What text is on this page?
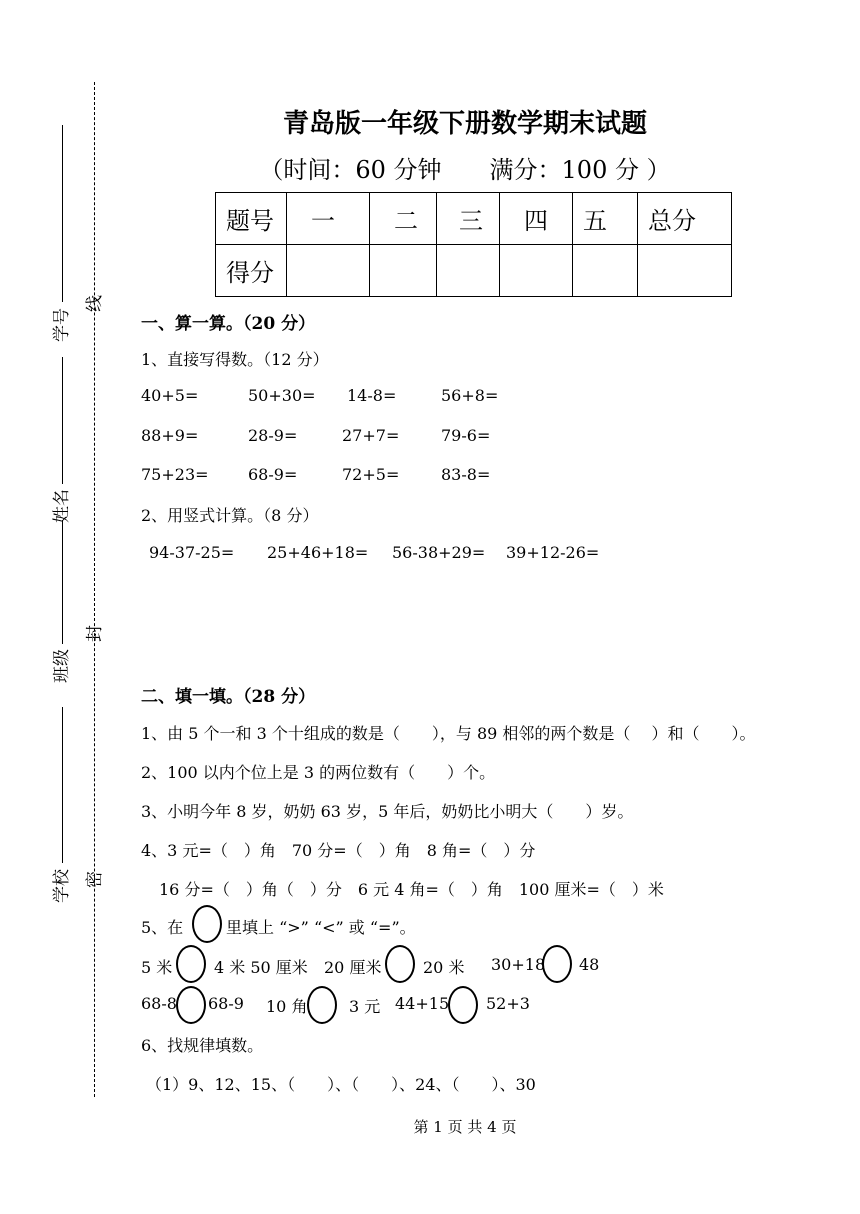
学号
姓名
班级
学校
线
封
密
青岛版一年级下册数学期末试题
（时间：60 分钟　　满分：100 分 ）
题号	一	二	三	四	五	总分
得分						
一、算一算。（20 分）
1、直接写得数。（12 分）
40+5=	50+30= 14-8=	56+8=
88+9=	28-9=	27+7=	79-6=
75+23= 68-9=	72+5=	83-8=
2、用竖式计算。（8 分）
94-37-25= 25+46+18= 56-38+29= 39+12-26=
二、填一填。（28 分）
1、由 5 个一和 3 个十组成的数是（　　），与 89 相邻的两个数是（　 ）和（　　）。
2、100 以内个位上是 3 的两位数有（　　）个。
3、小明今年 8 岁，奶奶 63 岁，5 年后，奶奶比小明大（　　）岁。
4、3 元=（　）角　70 分=（　）角　8 角=（　）分
16 分=（　）角（　）分　6 元 4 角=（　）角　100 厘米=（　）米
5、在	里填上 “>” “<” 或 “=”。
5 米	4 米 50 厘米 20 厘米	20 米 30+18 48
68-8 68-9 10 角	3 元 44+15 52+3
6、找规律填数。
（1）9、12、15、（　　）、（　　）、24、（　　）、30
第 1 页 共 4 页
